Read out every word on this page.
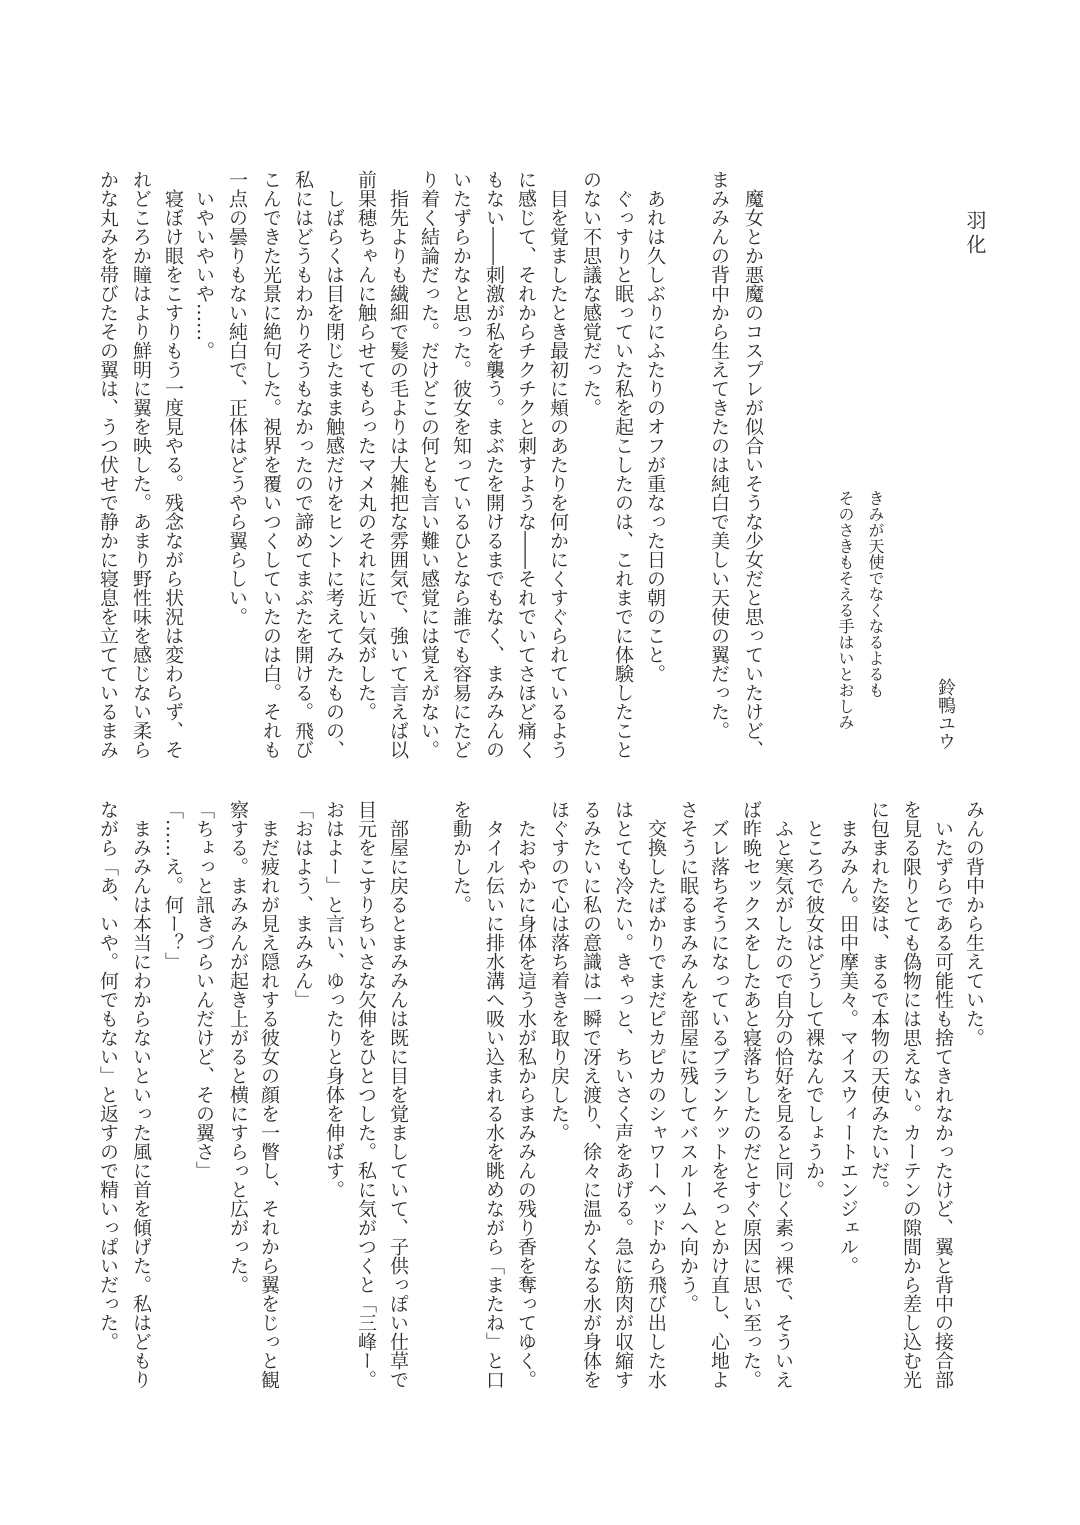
羽化
鈴鴨ユウ
きみが天使でなくなるよるも
そのさきもそえる手はいとおしみ
　魔女とか悪魔のコスプレが似合いそうな少女だと思っていたけど、
まみみんの背中から生えてきたのは純白で美しい天使の翼だった。
　あれは久しぶりにふたりのオフが重なった日の朝のこと。
　ぐっすりと眠っていた私を起こしたのは、これまでに体験したこと
のない不思議な感覚だった。
　目を覚ましたとき最初に頬のあたりを何かにくすぐられているよう
に感じて、それからチクチクと刺すような――それでいてさほど痛く
もない――刺激が私を襲う。まぶたを開けるまでもなく、まみみんの
いたずらかなと思った。彼女を知っているひとなら誰でも容易にたど
り着く結論だった。だけどこの何とも言い難い感覚には覚えがない。
　指先よりも繊細で髪の毛よりは大雑把な雰囲気で、強いて言えば以
前果穂ちゃんに触らせてもらったマメ丸のそれに近い気がした。
　しばらくは目を閉じたまま触感だけをヒントに考えてみたものの、
私にはどうもわかりそうもなかったので諦めてまぶたを開ける。飛び
こんできた光景に絶句した。視界を覆いつくしていたのは白。それも
一点の曇りもない純白で、正体はどうやら翼らしい。
　いやいやいや……。
　寝ぼけ眼をこすりもう一度見やる。残念ながら状況は変わらず、そ
れどころか瞳はより鮮明に翼を映した。あまり野性味を感じない柔ら
かな丸みを帯びたその翼は、うつ伏せで静かに寝息を立てているまみ
みんの背中から生えていた。
　いたずらである可能性も捨てきれなかったけど、翼と背中の接合部
を見る限りとても偽物には思えない。カーテンの隙間から差し込む光
に包まれた姿は、まるで本物の天使みたいだ。
　まみみん。田中摩美々。マイスウィートエンジェル。
　ところで彼女はどうして裸なんでしょうか。
　ふと寒気がしたので自分の恰好を見ると同じく素っ裸で、そういえ
ば昨晩セックスをしたあと寝落ちしたのだとすぐ原因に思い至った。
　ズレ落ちそうになっているブランケットをそっとかけ直し、心地よ
さそうに眠るまみみんを部屋に残してバスルームへ向かう。
　交換したばかりでまだピカピカのシャワーヘッドから飛び出した水
はとても冷たい。きゃっと、ちいさく声をあげる。急に筋肉が収縮す
るみたいに私の意識は一瞬で冴え渡り、徐々に温かくなる水が身体を
ほぐすので心は落ち着きを取り戻した。
　たおやかに身体を這う水が私からまみみんの残り香を奪ってゆく。
　タイル伝いに排水溝へ吸い込まれる水を眺めながら「またね」と口
を動かした。
　部屋に戻るとまみみんは既に目を覚ましていて、子供っぽい仕草で
目元をこすりちいさな欠伸をひとつした。私に気がつくと「三峰ー。
おはよー」と言い、ゆったりと身体を伸ばす。
「おはよう、まみみん」
　まだ疲れが見え隠れする彼女の顔を一瞥し、それから翼をじっと観
察する。まみみんが起き上がると横にすらっと広がった。
「ちょっと訊きづらいんだけど、その翼さ」
「……え。何ー？」
　まみみんは本当にわからないといった風に首を傾げた。私はどもり
ながら「あ、いや。何でもない」と返すので精いっぱいだった。
